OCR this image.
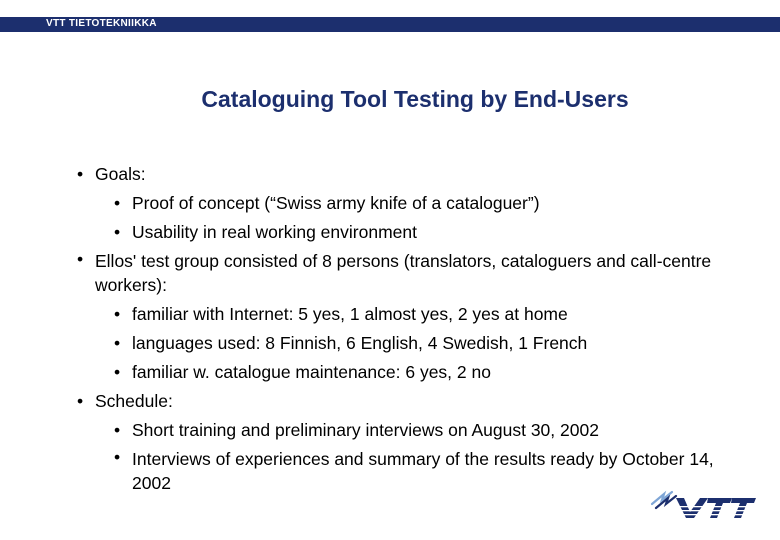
VTT TIETOTEKNIIKKA
Cataloguing Tool Testing by End-Users
• Goals:
• Proof of concept (“Swiss army knife of a cataloguer”)
• Usability in real working environment
• Ellos' test group consisted of 8 persons (translators, cataloguers and call-centre workers):
• familiar with Internet: 5 yes, 1 almost yes, 2 yes at home
• languages used: 8 Finnish, 6 English, 4 Swedish, 1 French
• familiar w. catalogue maintenance: 6 yes, 2 no
• Schedule:
• Short training and preliminary interviews on August 30, 2002
• Interviews of experiences and summary of the results ready by October 14, 2002
